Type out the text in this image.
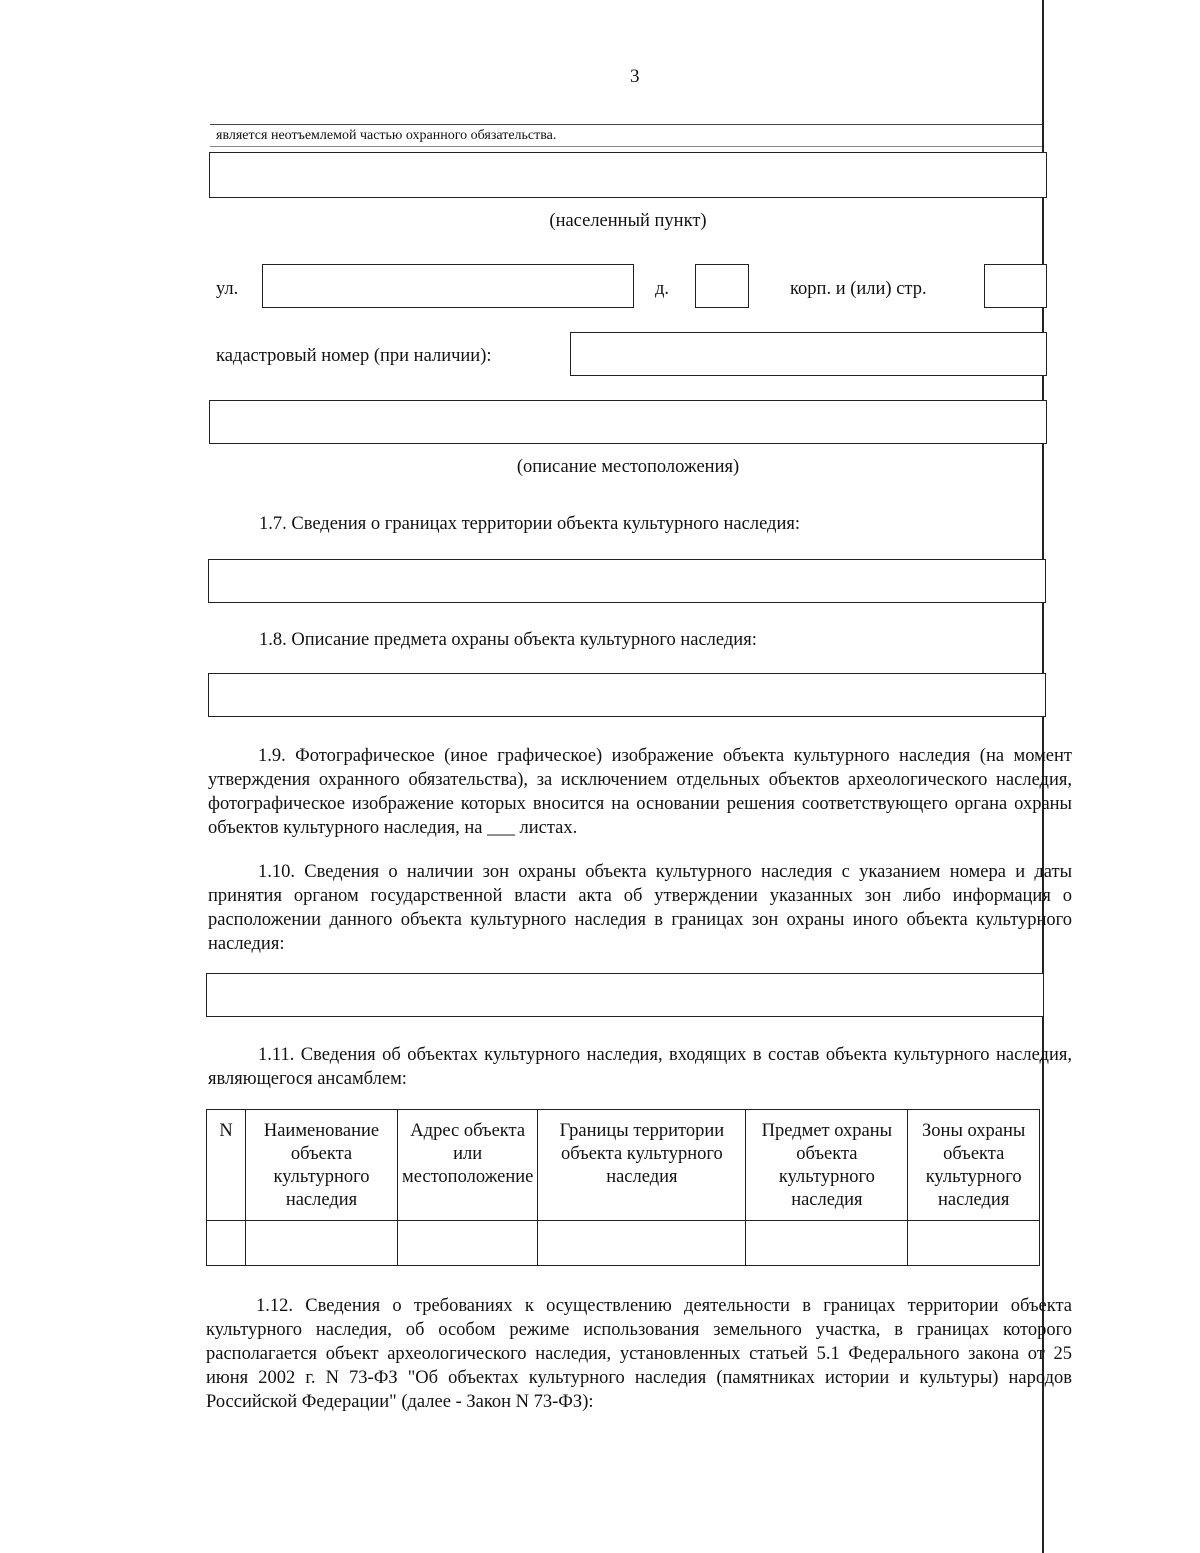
3
является неотъемлемой частью охранного обязательства.
(населенный пункт)
ул.	д.	корп. и (или) стр.
кадастровый номер (при наличии):
(описание местоположения)
1.7. Сведения о границах территории объекта культурного наследия:
1.8. Описание предмета охраны объекта культурного наследия:
1.9. Фотографическое (иное графическое) изображение объекта культурного наследия (на момент утверждения охранного обязательства), за исключением отдельных объектов археологического наследия, фотографическое изображение которых вносится на основании решения соответствующего органа охраны объектов культурного наследия, на ___ листах.
1.10. Сведения о наличии зон охраны объекта культурного наследия с указанием номера и даты принятия органом государственной власти акта об утверждении указанных зон либо информация о расположении данного объекта культурного наследия в границах зон охраны иного объекта культурного наследия:
1.11. Сведения об объектах культурного наследия, входящих в состав объекта культурного наследия, являющегося ансамблем:
N	Наименование объекта культурного наследия	Адрес объекта или местоположение	Границы территории объекта культурного наследия	Предмет охраны объекта культурного наследия	Зоны охраны объекта культурного наследия

1.12. Сведения о требованиях к осуществлению деятельности в границах территории объекта культурного наследия, об особом режиме использования земельного участка, в границах которого располагается объект археологического наследия, установленных статьей 5.1 Федерального закона от 25 июня 2002 г. N 73-ФЗ "Об объектах культурного наследия (памятниках истории и культуры) народов Российской Федерации" (далее - Закон N 73-ФЗ):
